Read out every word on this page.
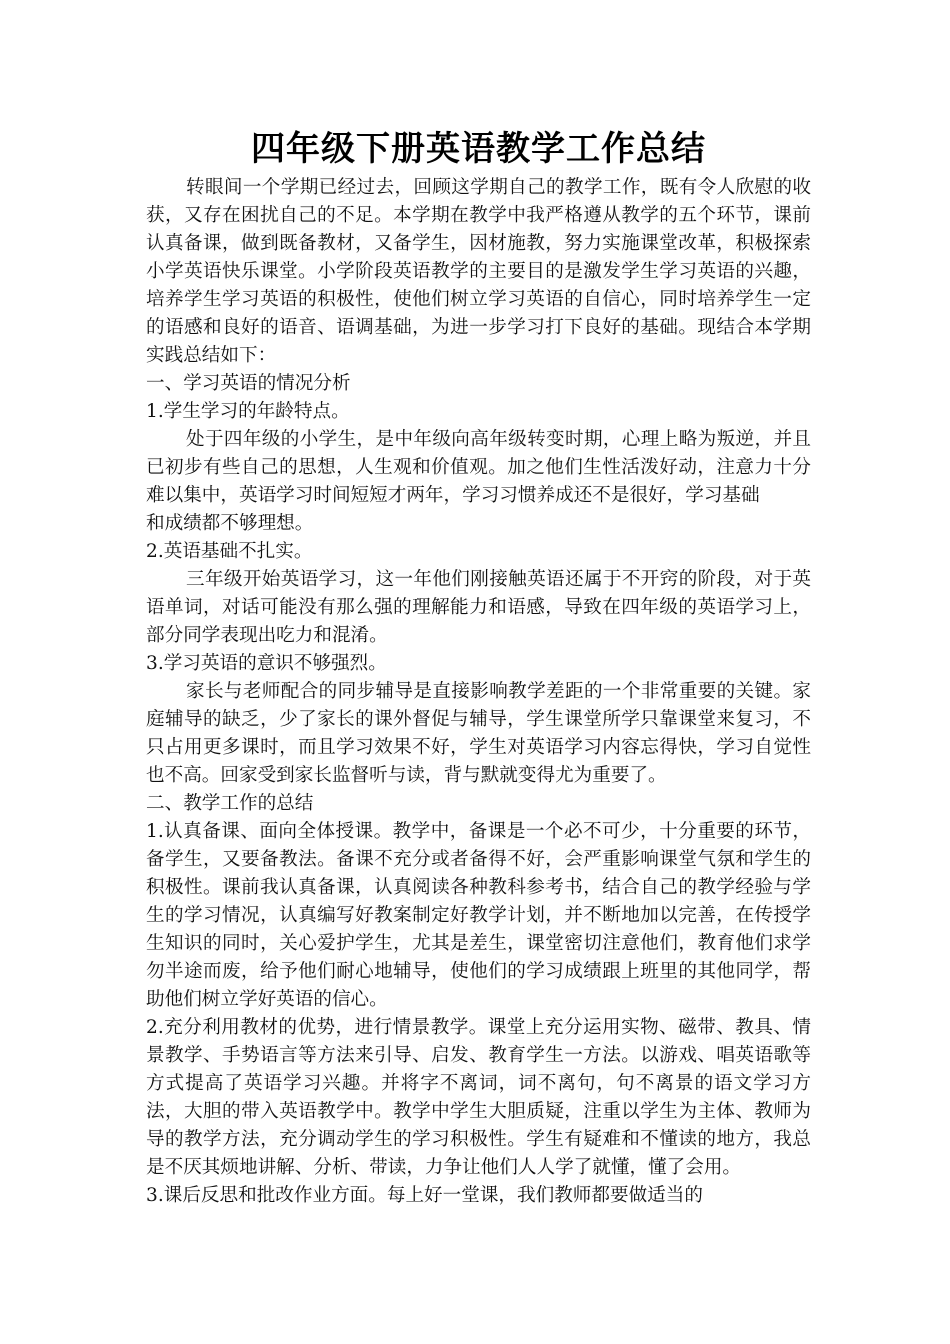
四年级下册英语教学工作总结

转眼间一个学期已经过去，回顾这学期自己的教学工作，既有令人欣慰的收获，又存在困扰自己的不足。本学期在教学中我严格遵从教学的五个环节，课前认真备课，做到既备教材，又备学生，因材施教，努力实施课堂改革，积极探索小学英语快乐课堂。小学阶段英语教学的主要目的是激发学生学习英语的兴趣，培养学生学习英语的积极性，使他们树立学习英语的自信心，同时培养学生一定的语感和良好的语音、语调基础，为进一步学习打下良好的基础。现结合本学期实践总结如下：

一、学习英语的情况分析

1.学生学习的年龄特点。

处于四年级的小学生，是中年级向高年级转变时期，心理上略为叛逆，并且已初步有些自己的思想，人生观和价值观。加之他们生性活泼好动，注意力十分难以集中，英语学习时间短短才两年，学习习惯养成还不是很好，学习基础

和成绩都不够理想。

2.英语基础不扎实。

三年级开始英语学习，这一年他们刚接触英语还属于不开窍的阶段，对于英语单词，对话可能没有那么强的理解能力和语感，导致在四年级的英语学习上，部分同学表现出吃力和混淆。

3.学习英语的意识不够强烈。

家长与老师配合的同步辅导是直接影响教学差距的一个非常重要的关键。家庭辅导的缺乏，少了家长的课外督促与辅导，学生课堂所学只靠课堂来复习，不只占用更多课时，而且学习效果不好，学生对英语学习内容忘得快，学习自觉性也不高。回家受到家长监督听与读，背与默就变得尤为重要了。

二、教学工作的总结

1.认真备课、面向全体授课。教学中，备课是一个必不可少，十分重要的环节，备学生，又要备教法。备课不充分或者备得不好，会严重影响课堂气氛和学生的积极性。课前我认真备课，认真阅读各种教科参考书，结合自己的教学经验与学生的学习情况，认真编写好教案制定好教学计划，并不断地加以完善，在传授学生知识的同时，关心爱护学生，尤其是差生，课堂密切注意他们，教育他们求学勿半途而废，给予他们耐心地辅导，使他们的学习成绩跟上班里的其他同学，帮助他们树立学好英语的信心。

2.充分利用教材的优势，进行情景教学。课堂上充分运用实物、磁带、教具、情景教学、手势语言等方法来引导、启发、教育学生一方法。以游戏、唱英语歌等方式提高了英语学习兴趣。并将字不离词，词不离句，句不离景的语文学习方法，大胆的带入英语教学中。教学中学生大胆质疑，注重以学生为主体、教师为导的教学方法，充分调动学生的学习积极性。学生有疑难和不懂读的地方，我总是不厌其烦地讲解、分析、带读，力争让他们人人学了就懂，懂了会用。

3.课后反思和批改作业方面。每上好一堂课，我们教师都要做适当的
